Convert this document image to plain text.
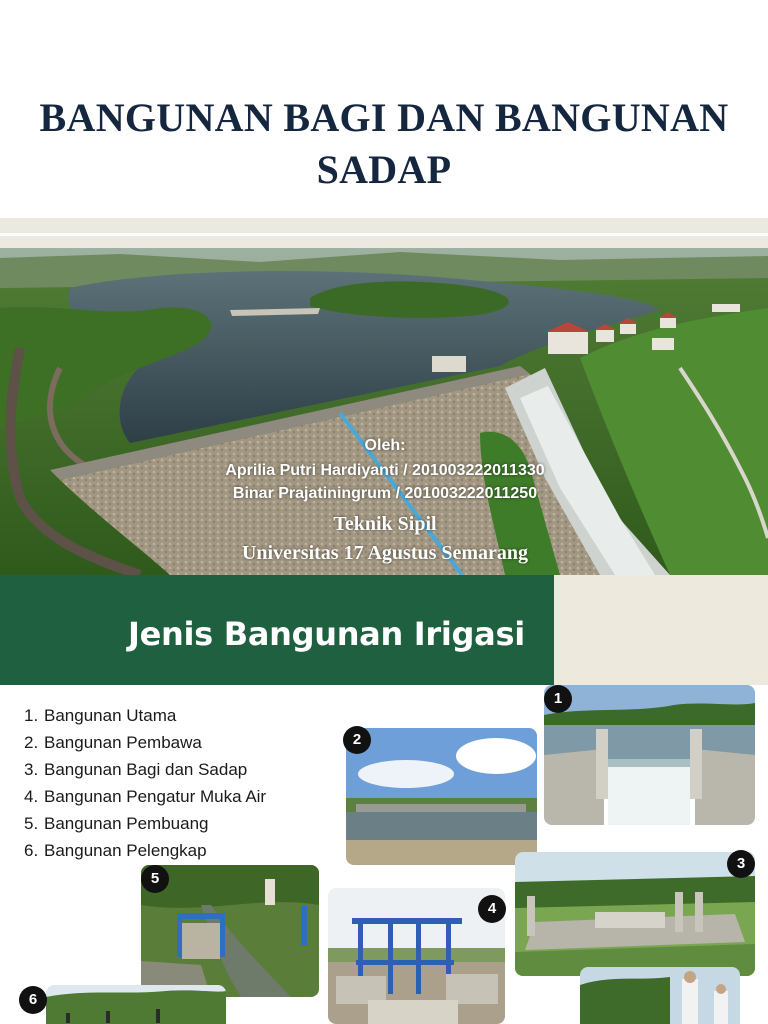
BANGUNAN BAGI DAN BANGUNAN
SADAP
Oleh:
Aprilia Putri Hardiyanti / 201003222011330
Binar Prajatiningrum / 201003222011250
Teknik Sipil
Universitas 17 Agustus Semarang
Jenis Bangunan Irigasi
1. Bangunan Utama
2. Bangunan Pembawa
3. Bangunan Bagi dan Sadap
4. Bangunan Pengatur Muka Air
5. Bangunan Pembuang
6. Bangunan Pelengkap
1
2
3
4
5
6
